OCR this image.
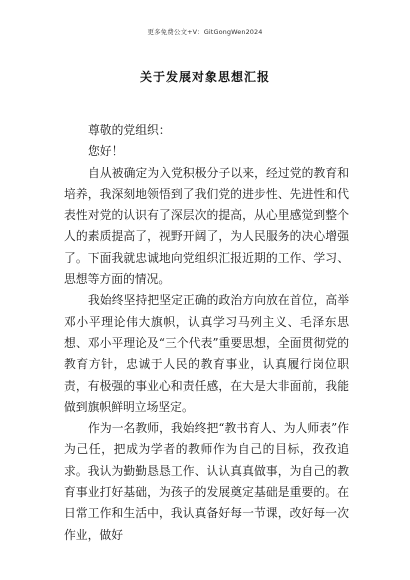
更多免费公文+V：GitGongWen2024
关于发展对象思想汇报

尊敬的党组织：

您好！

自从被确定为入党积极分子以来，经过党的教育和培养，我深刻地领悟到了我们党的进步性、先进性和代表性对党的认识有了深层次的提高，从心里感觉到整个人的素质提高了，视野开阔了，为人民服务的决心增强了。下面我就忠诚地向党组织汇报近期的工作、学习、思想等方面的情况。

我始终坚持把坚定正确的政治方向放在首位，高举邓小平理论伟大旗帜，认真学习马列主义、毛泽东思想、邓小平理论及“三个代表”重要思想，全面贯彻党的教育方针，忠诚于人民的教育事业，认真履行岗位职责，有极强的事业心和责任感，在大是大非面前，我能做到旗帜鲜明立场坚定。

作为一名教师，我始终把“教书育人、为人师表”作为己任，把成为学者的教师作为自己的目标，孜孜追求。我认为勤勤恳恳工作、认认真真做事，为自己的教育事业打好基础，为孩子的发展奠定基础是重要的。在日常工作和生活中，我认真备好每一节课，改好每一次作业，做好
